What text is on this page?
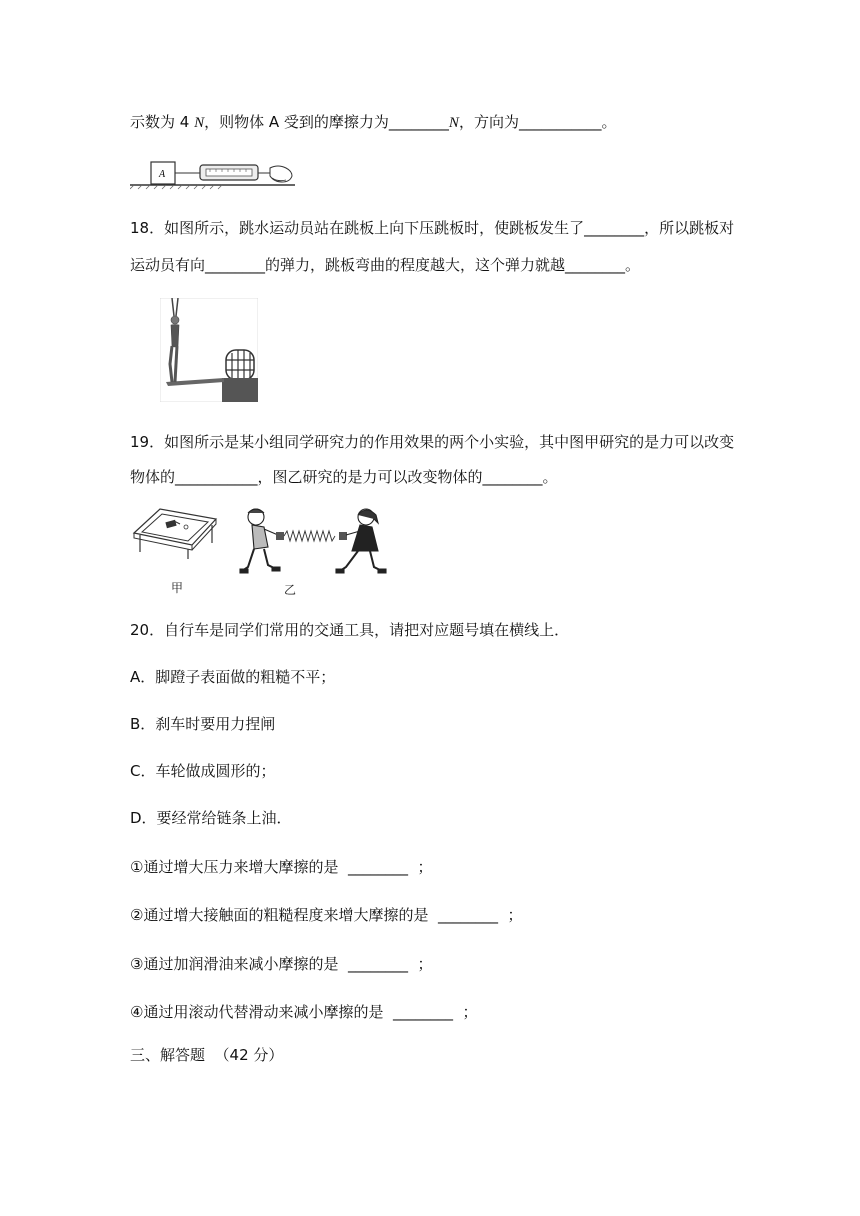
示数为 4 N，则物体 A 受到的摩擦力为________N，方向为___________。
A
18．如图所示，跳水运动员站在跳板上向下压跳板时，使跳板发生了________，所以跳板对
运动员有向________的弹力，跳板弯曲的程度越大，这个弹力就越________。
19．如图所示是某小组同学研究力的作用效果的两个小实验，其中图甲研究的是力可以改变
物体的___________，图乙研究的是力可以改变物体的________。
甲	乙
20．自行车是同学们常用的交通工具，请把对应题号填在横线上．
A．脚蹬子表面做的粗糙不平；
B．刹车时要用力捏闸
C．车轮做成圆形的；
D．要经常给链条上油．
①通过增大压力来增大摩擦的是  ________  ；
②通过增大接触面的粗糙程度来增大摩擦的是  ________  ；
③通过加润滑油来减小摩擦的是  ________  ；
④通过用滚动代替滑动来减小摩擦的是  ________  ；
三、解答题  （42 分）
